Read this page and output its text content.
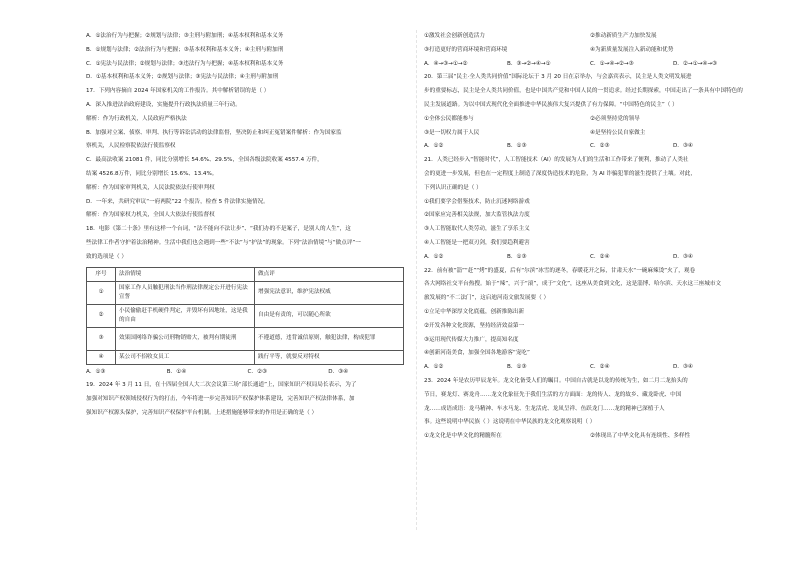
A．①法治行为与把握；②规划与法律；③主刑与附加刑；④基本权利和基本义务
B．①规划与法律；②法治行为与把握；③基本权利和基本义务；④主刑与附加刑
C．①宪法与民法律；②规划与法律；③违法行为与把握；④基本权利和基本义务
D．①基本权利和基本义务；②规划与法律；③宪法与民法律；④主刑与附加刑
17．下列内容摘自 2024 年国家机关的工作报告。其中解析错误的是（ ）
A．深入推进法治政府建设，实施提升行政执法质量三年行动。
解析：作为行政机关，人民政府严格执法
B．加强对立案、侦察、审判、执行等诉讼活动的法律监督，坚决防止和纠正冤错案件解析：作为国家监
察机关，人民检察院依法行使监察权
C．最高法收案 21081 件，同比分别增长 54.6%、29.5%，全国各级法院收案 4557.4 万件，
结案 4526.8万件，同比分别增长 15.6%、13.4%。
解析：作为国家审判机关，人民法院依法行使审判权
D．一年来，共研究审议“一府两院”22 个报告，检查 5 件法律实施情况。
解析：作为国家权力机关，全国人大依法行使监督权
18．电影《第二十条》里有这样一个台词，“法不能向不法让步”、“我们办的不是案子，是别人的人生”，这
些法律工作者守护着法治精神。生活中我们也会遇到一些“不法”与“护法”的现象。下列“法治情境”与“做点评”一
致的选项是（ ）
序号	法治情境	做点评
①	国家工作人员触犯刑法当作刑法律规定公开进行宪法宣誓	增强宪法意识，维护宪法权威
②	小民偷偷赶手机硬件判定，并毁坏有因地址，这是我的自由	自由是有责的，可以随心所欲
③	效果国网络诈骗公司刑物销赔大，被判有期徒刑	不遵道德，违背诚信原则，触犯法律，构成犯罪
④	某公司不招收女员工	践行平等，就要反对特权
A．①③	B．①④	C．②③	D．③④
19．2024 年 3 月 11 日，在十四届全国人大二次会议第三场“部长通道”上，国家知识产权局局长表示，为了
加强对知识产权领域侵权行为的打击，今年将进一步完善知识产权保护体系建设，完善知识产权法律体系，加
强知识产权源头保护，完善知识产权保护平台机制。上述措施能够带来的作用是正确的是（ ）
①激发社会创新创造活力	②推动新质生产力加快发展
③打造更好的营商环境和营商环境	④为新质量发展注入新动能和优势
A．④→③→①→②	B．③→②→④→①	C．①→④→②→③	D．②→①→④→③
20．第三届“民主·全人类共同价值”国际论坛于 3 月 20 日在京举办，与会嘉宾表示，民主是人类文明发展进
步的重要标志，民主是全人类共同价值，也是中国共产党和中国人民的一贯追求。经过长期探索，中国走出了一条具有中国特色的
民主发展道路。为以中国式现代化全面推进中华民族伟大复兴提供了有力保障。“中国特色的民主”（ ）
①全体公民都能参与	②必须坚持党的领导
③是一切权力属于人民	④是坚持公民自家做主
A．①②	B．①③	C．②③	D．③④
21．人类已经步入“智能时代”，人工智能技术（AI）的发展为人们的生活和工作带来了便利，推动了人类社
会的更进一步发展，但也在一定程度上制造了深度伪造技术的危险，为 AI 诈骗犯罪的滋生提供了土壤。对此，
下列认识正确的是（ ）
①我们要学会借鉴技术，防止沉迷网络游戏
②国家应完善相关法规，加大监管执法力度
③人工智能取代人类劳动，滋生了享乐主义
④人工智能是一把双刃剑，我们要趋利避害
A．①②	B．①③	C．②④	D．③④
22．前有被“淄”“赶”“烤”的盛夏，后有“尔滨”冰雪的逐冬，春暖花开之际，甘肃天水“一碗麻辣烫”火了，观卷
各大网络社交平台热搜。始于“辣”，兴于“滚”，成于“文化”，这座从美食到文化，这是淄博、哈尔滨、天水这三座城市文
旅发展的“不二法门”，这启迪河南文旅发展要（ ）
①立足中华深厚文化底蕴，创新推陈出新
②开发各种文化资源，坚持经济效益第一
③运用现代传媒大力推广，提高知名度
④创新河南美食，加强全国各地游客“宠吃”
A．①②	B．①③	C．②④	D．③④
23．2024 年是农历甲辰龙年。龙文化备受人们的瞩目。中国自古就是以龙的传统为生，如二月二龙抬头的
节日，赛龙灯、赛龙舟……龙文化象征先于我们生活的方方面面：龙的传人、龙的故乡、藏龙卧虎、中国
龙……成语成语：龙马精神、车水马龙、生龙活虎、龙凤呈祥、鱼跃龙门……龙的精神已深植于人
事。这些说明中华民族（ ）这说明在中华民族的龙文化观察说明（ ）
①龙文化是中华文化的精髓所在	②体现出了中华文化具有连续性、多样性
